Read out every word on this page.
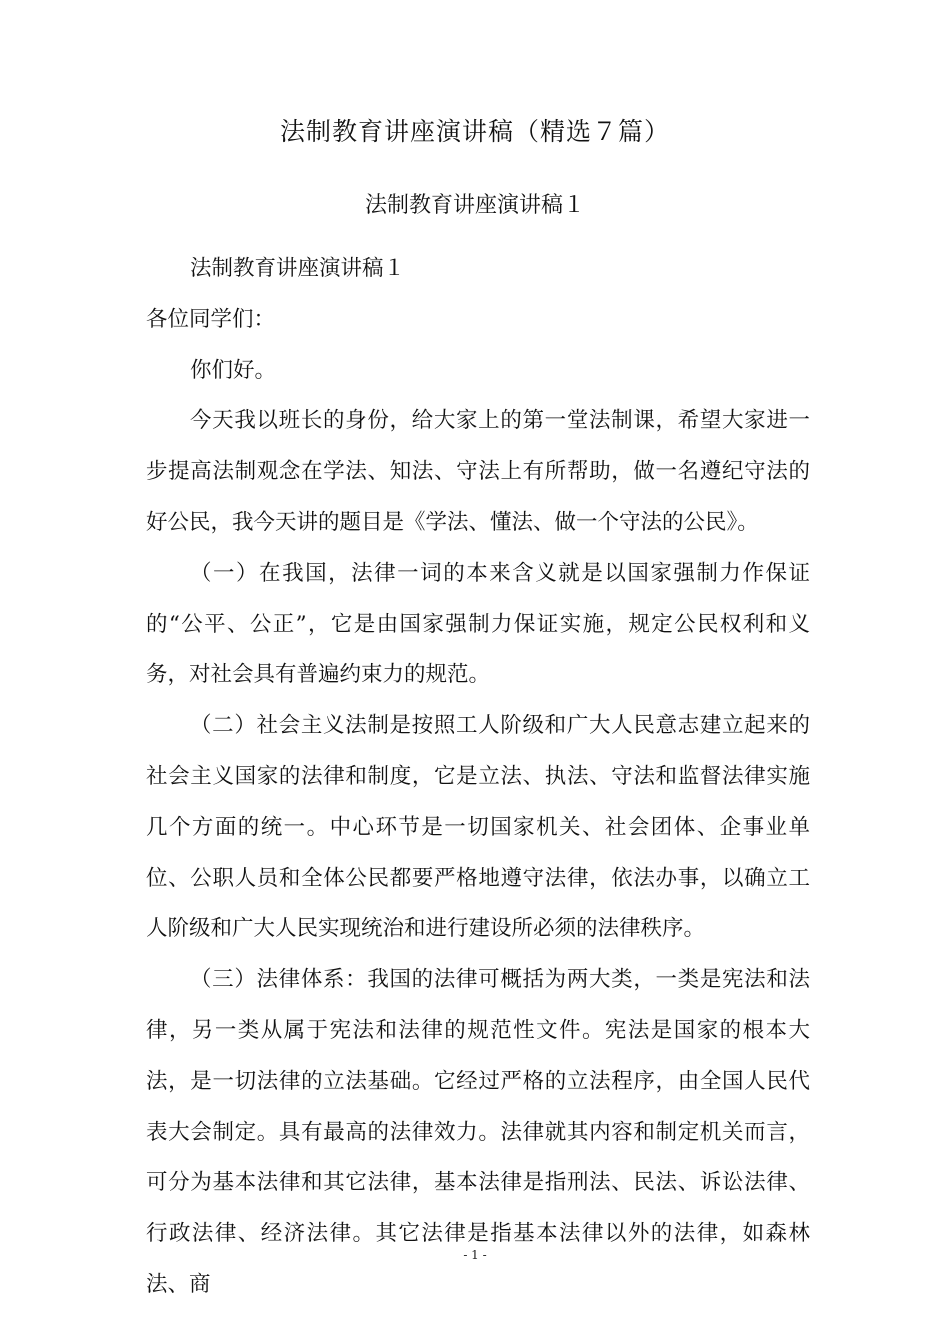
法制教育讲座演讲稿（精选７篇）
法制教育讲座演讲稿１

法制教育讲座演讲稿１

各位同学们：

你们好。

今天我以班长的身份，给大家上的第一堂法制课，希望大家进一步提高法制观念在学法、知法、守法上有所帮助，做一名遵纪守法的好公民，我今天讲的题目是《学法、懂法、做一个守法的公民》。

（一）在我国，法律一词的本来含义就是以国家强制力作保证的“公平、公正”，它是由国家强制力保证实施，规定公民权利和义务，对社会具有普遍约束力的规范。

（二）社会主义法制是按照工人阶级和广大人民意志建立起来的社会主义国家的法律和制度，它是立法、执法、守法和监督法律实施几个方面的统一。中心环节是一切国家机关、社会团体、企事业单位、公职人员和全体公民都要严格地遵守法律，依法办事，以确立工人阶级和广大人民实现统治和进行建设所必须的法律秩序。

（三）法律体系：我国的法律可概括为两大类，一类是宪法和法律，另一类从属于宪法和法律的规范性文件。宪法是国家的根本大法，是一切法律的立法基础。它经过严格的立法程序，由全国人民代表大会制定。具有最高的法律效力。法律就其内容和制定机关而言，可分为基本法律和其它法律，基本法律是指刑法、民法、诉讼法律、行政法律、经济法律。其它法律是指基本法律以外的法律，如森林法、商

- 1 -
